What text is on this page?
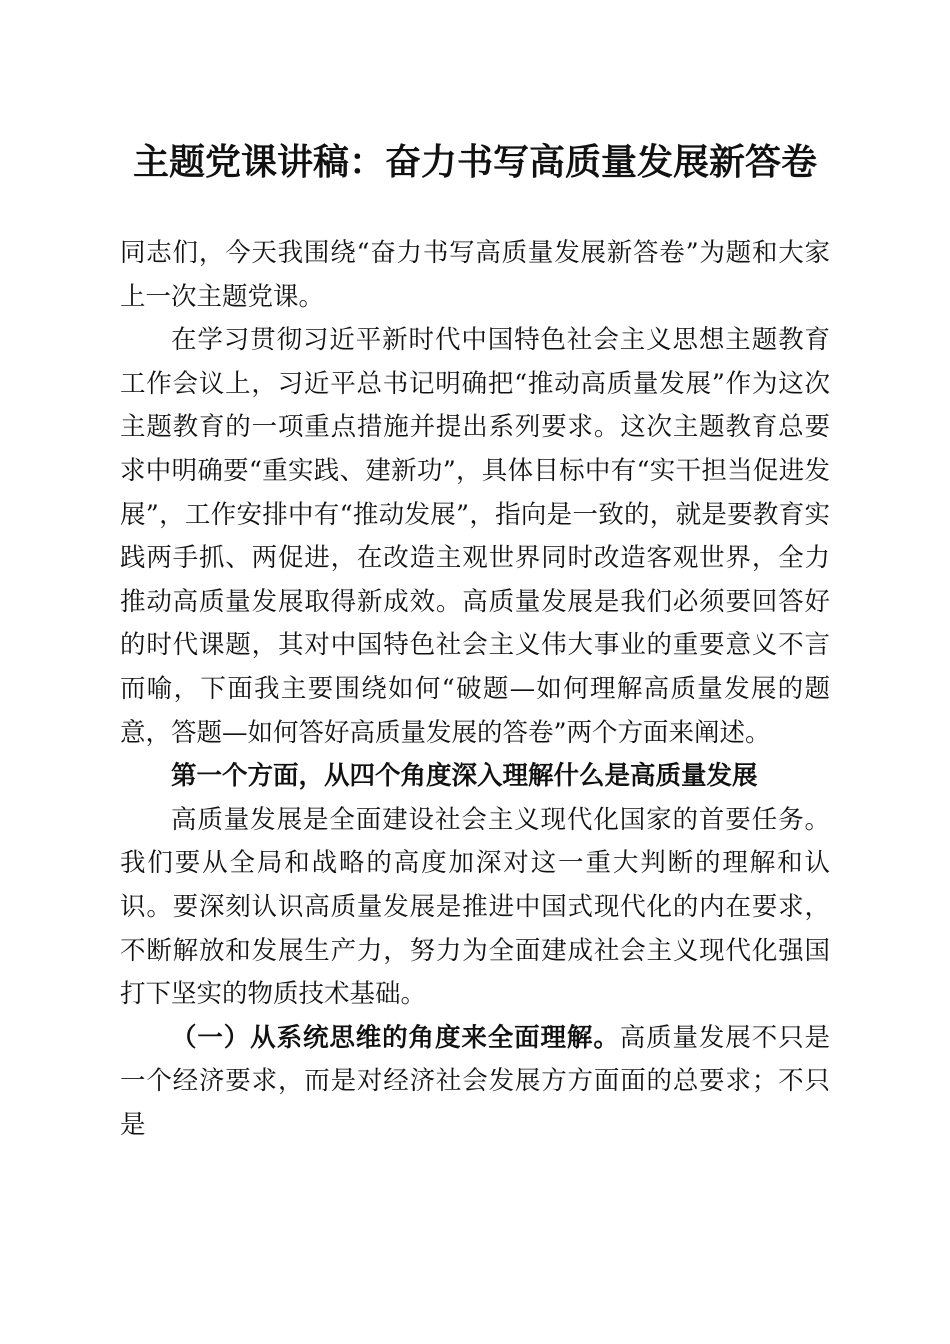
主题党课讲稿：奋力书写高质量发展新答卷

同志们，今天我围绕“奋力书写高质量发展新答卷”为题和大家上一次主题党课。

在学习贯彻习近平新时代中国特色社会主义思想主题教育工作会议上，习近平总书记明确把“推动高质量发展”作为这次主题教育的一项重点措施并提出系列要求。这次主题教育总要求中明确要“重实践、建新功”，具体目标中有“实干担当促进发展”，工作安排中有“推动发展”，指向是一致的，就是要教育实践两手抓、两促进，在改造主观世界同时改造客观世界，全力推动高质量发展取得新成效。高质量发展是我们必须要回答好的时代课题，其对中国特色社会主义伟大事业的重要意义不言而喻，下面我主要围绕如何“破题—如何理解高质量发展的题意，答题—如何答好高质量发展的答卷”两个方面来阐述。

第一个方面，从四个角度深入理解什么是高质量发展

高质量发展是全面建设社会主义现代化国家的首要任务。我们要从全局和战略的高度加深对这一重大判断的理解和认识。要深刻认识高质量发展是推进中国式现代化的内在要求，不断解放和发展生产力，努力为全面建成社会主义现代化强国打下坚实的物质技术基础。

（一）从系统思维的角度来全面理解。高质量发展不只是一个经济要求，而是对经济社会发展方方面面的总要求；不只是
